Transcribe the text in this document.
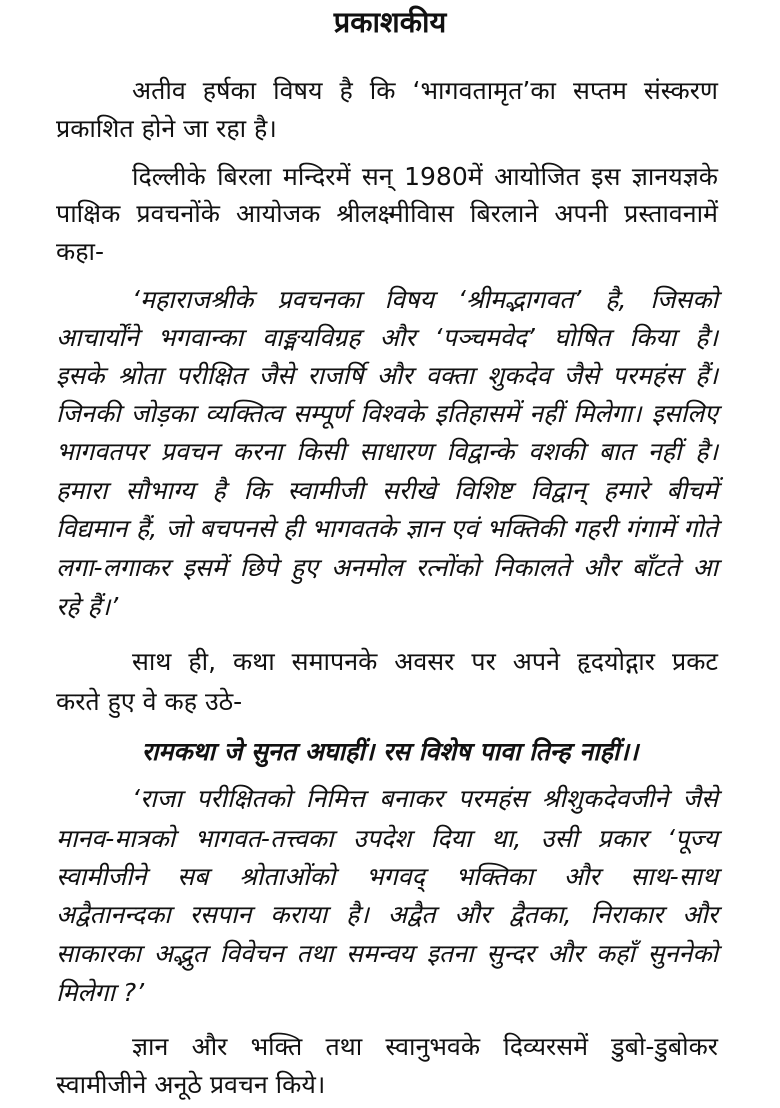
प्रकाशकीय
अतीव हर्षका विषय है कि ‘भागवतामृत’का सप्तम संस्करण
प्रकाशित होने जा रहा है।
दिल्लीके बिरला मन्दिरमें सन् 1980में आयोजित इस ज्ञानयज्ञके
पाक्षिक प्रवचनोंके आयोजक श्रीलक्ष्मीविास बिरलाने अपनी प्रस्तावनामें
कहा-
‘महाराजश्रीके प्रवचनका विषय ‘श्रीमद्भागवत’ है, जिसको
आचार्योंने भगवान्का वाङ्मयविग्रह और ‘पञ्चमवेद’ घोषित किया है।
इसके श्रोता परीक्षित जैसे राजर्षि और वक्ता शुकदेव जैसे परमहंस हैं।
जिनकी जोड़का व्यक्तित्व सम्पूर्ण विश्वके इतिहासमें नहीं मिलेगा। इसलिए
भागवतपर प्रवचन करना किसी साधारण विद्वान्के वशकी बात नहीं है।
हमारा सौभाग्य है कि स्वामीजी सरीखे विशिष्ट विद्वान् हमारे बीचमें
विद्यमान हैं, जो बचपनसे ही भागवतके ज्ञान एवं भक्तिकी गहरी गंगामें गोते
लगा-लगाकर इसमें छिपे हुए अनमोल रत्नोंको निकालते और बाँटते आ
रहे हैं।’
साथ ही, कथा समापनके अवसर पर अपने हृदयोद्गार प्रकट
करते हुए वे कह उठे-
‘राजा परीक्षितको निमित्त बनाकर परमहंस श्रीशुकदेवजीने जैसे
मानव-मात्रको भागवत-तत्त्वका उपदेश दिया था, उसी प्रकार ‘पूज्य
स्वामीजीने सब श्रोताओंको भगवद् भक्तिका और साथ-साथ
अद्वैतानन्दका रसपान कराया है। अद्वैत और द्वैतका, निराकार और
साकारका अद्भुत विवेचन तथा समन्वय इतना सुन्दर और कहाँ सुननेको
मिलेगा ?’
ज्ञान और भक्ति तथा स्वानुभवके दिव्यरसमें डुबो-डुबोकर
स्वामीजीने अनूठे प्रवचन किये।
रामकथा जे सुनत अघाहीं। रस विशेष पावा तिन्ह नाहीं।।
